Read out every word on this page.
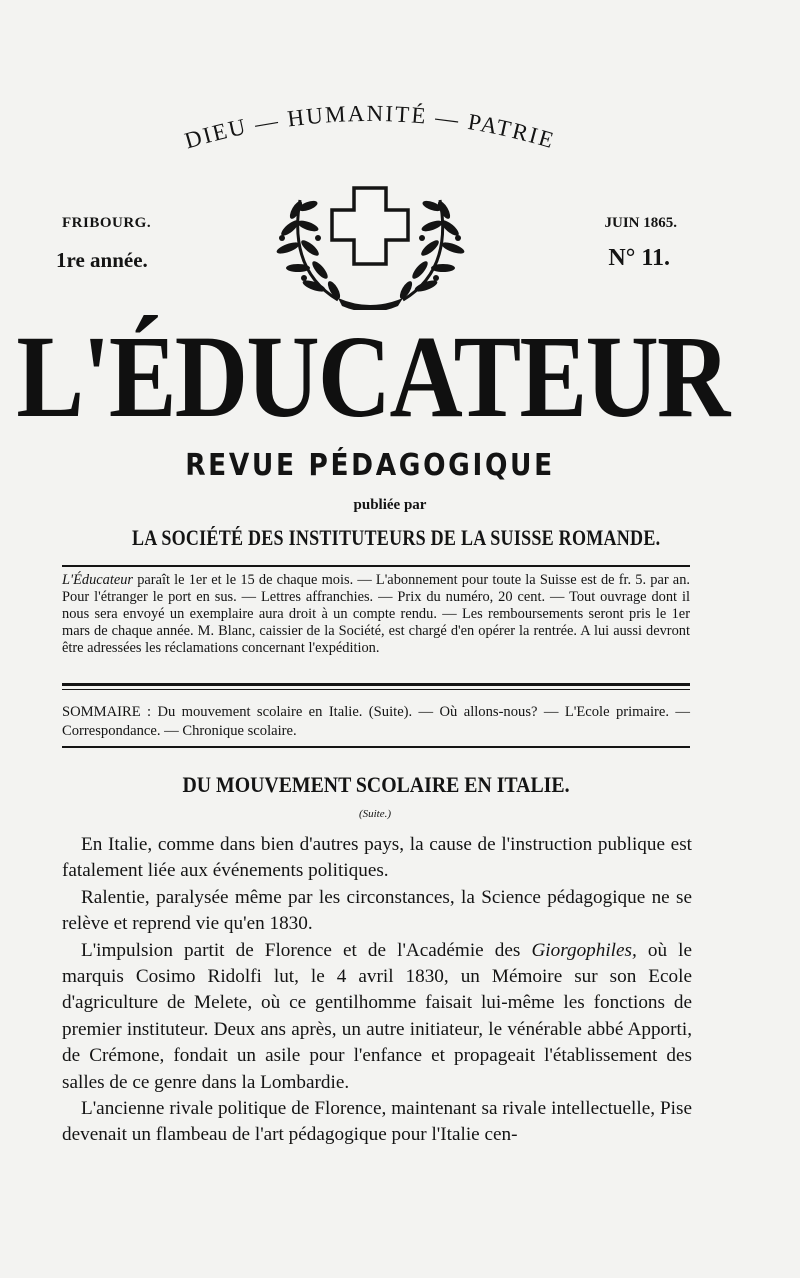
DIEU — HUMANITÉ — PATRIE
FRIBOURG.	JUIN 1865.
1re année.	N° 11.
L'ÉDUCATEUR
REVUE PÉDAGOGIQUE
publiée par
LA SOCIÉTÉ DES INSTITUTEURS DE LA SUISSE ROMANDE.
L'Éducateur paraît le 1er et le 15 de chaque mois. — L'abonnement pour toute la Suisse est de fr. 5. par an. Pour l'étranger le port en sus. — Lettres affranchies. — Prix du numéro, 20 cent. — Tout ouvrage dont il nous sera envoyé un exemplaire aura droit à un compte rendu. — Les remboursements seront pris le 1er mars de chaque année. M. Blanc, caissier de la Société, est chargé d'en opérer la rentrée. A lui aussi devront être adressées les réclamations concernant l'expédition.
SOMMAIRE : Du mouvement scolaire en Italie. (Suite). — Où allons-nous? — L'Ecole primaire. — Correspondance. — Chronique scolaire.
DU MOUVEMENT SCOLAIRE EN ITALIE.
(Suite.)

En Italie, comme dans bien d'autres pays, la cause de l'instruction publique est fatalement liée aux événements politiques.

Ralentie, paralysée même par les circonstances, la Science pédagogique ne se relève et reprend vie qu'en 1830.

L'impulsion partit de Florence et de l'Académie des Giorgophiles, où le marquis Cosimo Ridolfi lut, le 4 avril 1830, un Mémoire sur son Ecole d'agriculture de Melete, où ce gentilhomme faisait lui-même les fonctions de premier instituteur. Deux ans après, un autre initiateur, le vénérable abbé Apporti, de Crémone, fondait un asile pour l'enfance et propageait l'établissement des salles de ce genre dans la Lombardie.

L'ancienne rivale politique de Florence, maintenant sa rivale intellectuelle, Pise devenait un flambeau de l'art pédagogique pour l'Italie cen-
